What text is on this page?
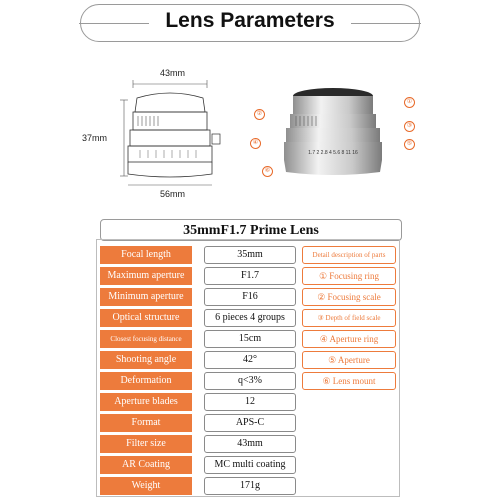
Lens Parameters
43mm
37mm
56mm
1.7 2 2.8 4 5.6 8 11 16
②
④
⑥
①
③
⑤
35mmF1.7 Prime Lens
Focal length	35mm	Detail description of parts
Maximum aperture	F1.7	① Focusing ring
Minimum aperture	F16	② Focusing scale
Optical structure	6 pieces 4 groups	③ Depth of field scale
Closest focusing distance	15cm	④ Aperture ring
Shooting angle	42°	⑤ Aperture
Deformation	q<3%	⑥ Lens mount
Aperture blades	12
Format	APS-C
Filter size	43mm
AR Coating	MC multi coating
Weight	171g
